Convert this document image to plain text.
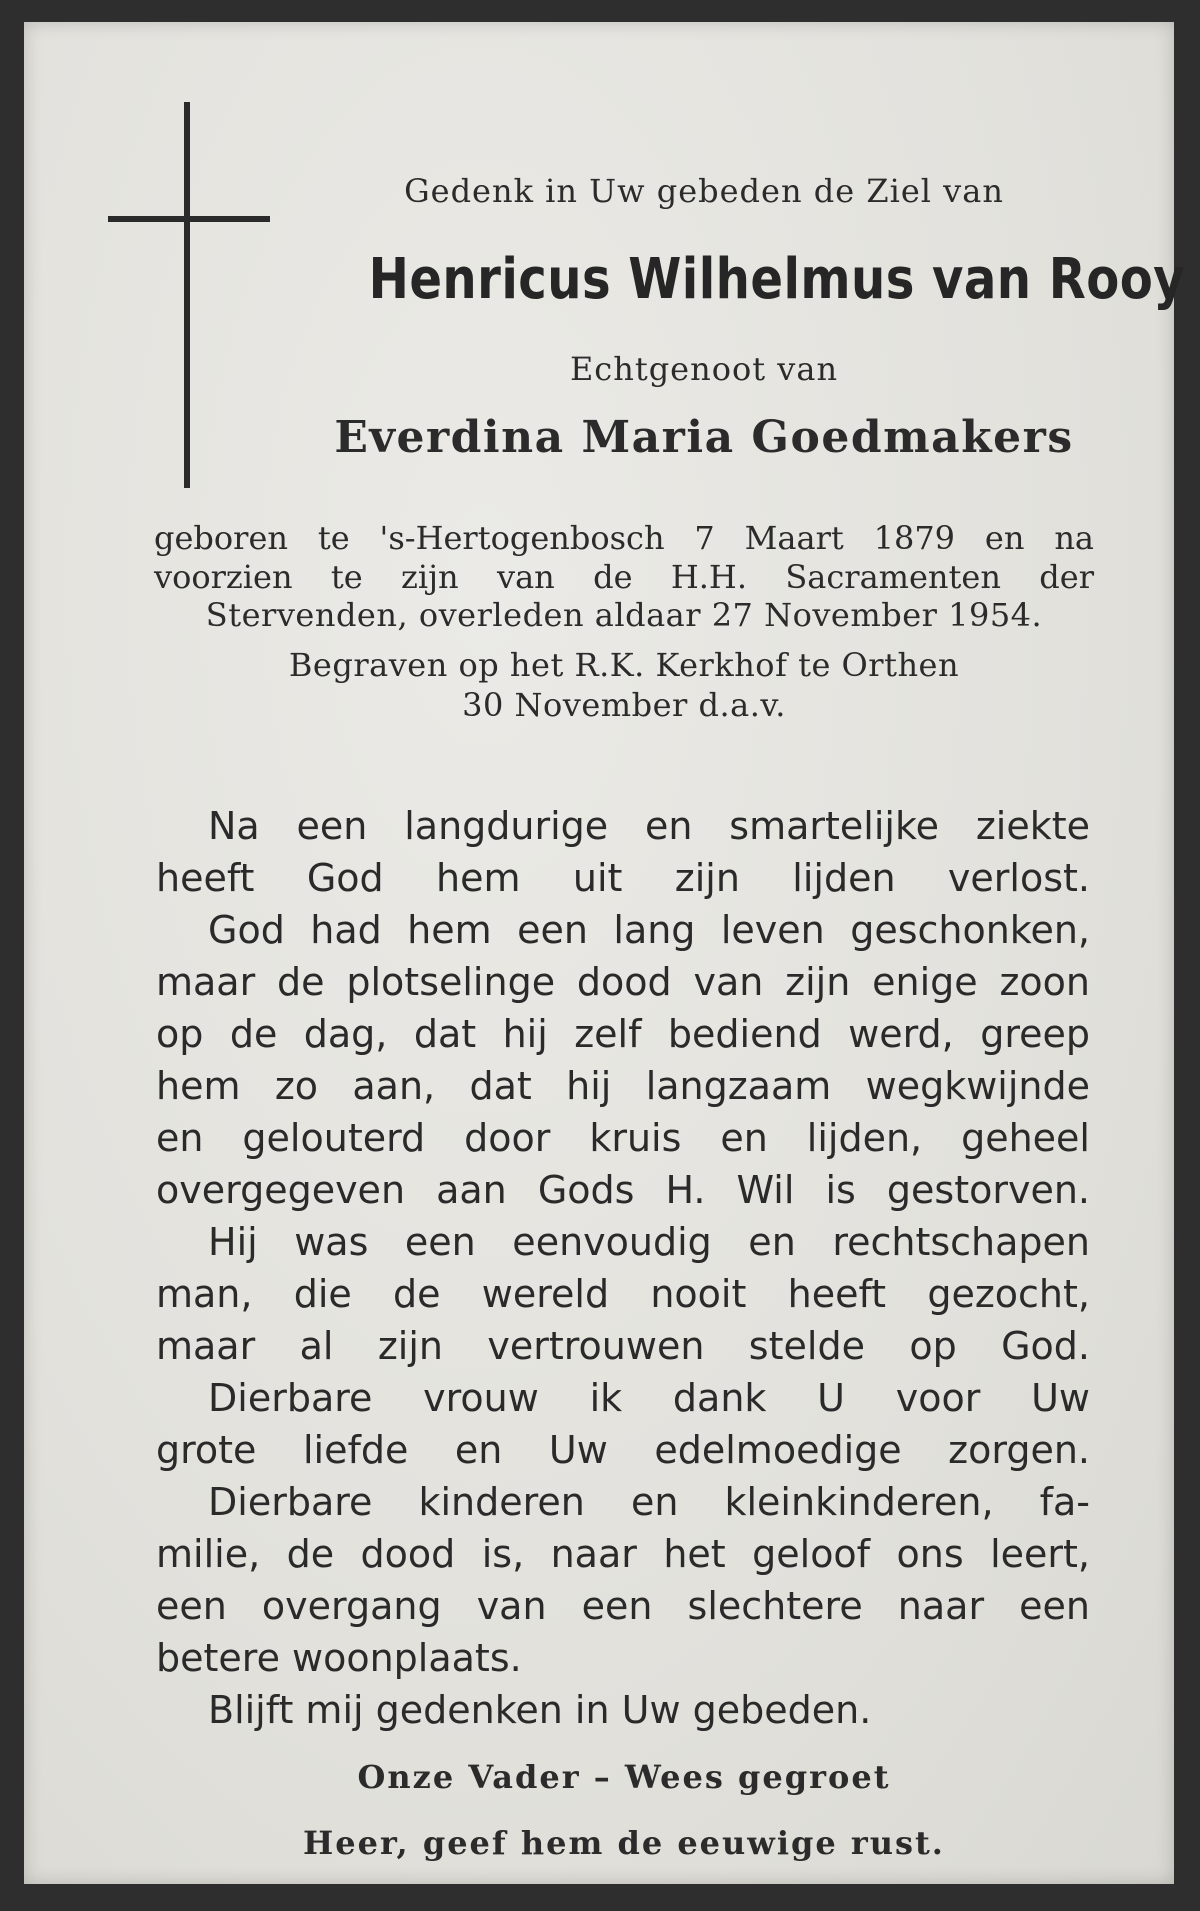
Gedenk in Uw gebeden de Ziel van

Henricus Wilhelmus van Rooy

Echtgenoot van

Everdina Maria Goedmakers

geboren te 's-Hertogenbosch 7 Maart 1879 en na

voorzien te zijn van de H.H. Sacramenten der

Stervenden, overleden aldaar 27 November 1954.

Begraven op het R.K. Kerkhof te Orthen

30 November d.a.v.

Na een langdurige en smartelijke ziekte

heeft God hem uit zijn lijden verlost.

God had hem een lang leven geschonken,

maar de plotselinge dood van zijn enige zoon

op de dag, dat hij zelf bediend werd, greep

hem zo aan, dat hij langzaam wegkwijnde

en gelouterd door kruis en lijden, geheel

overgegeven aan Gods H. Wil is gestorven.

Hij was een eenvoudig en rechtschapen

man, die de wereld nooit heeft gezocht,

maar al zijn vertrouwen stelde op God.

Dierbare vrouw ik dank U voor Uw

grote liefde en Uw edelmoedige zorgen.

Dierbare kinderen en kleinkinderen, fa-

milie, de dood is, naar het geloof ons leert,

een overgang van een slechtere naar een

betere woonplaats.

Blijft mij gedenken in Uw gebeden.

Onze Vader – Wees gegroet

Heer, geef hem de eeuwige rust.
